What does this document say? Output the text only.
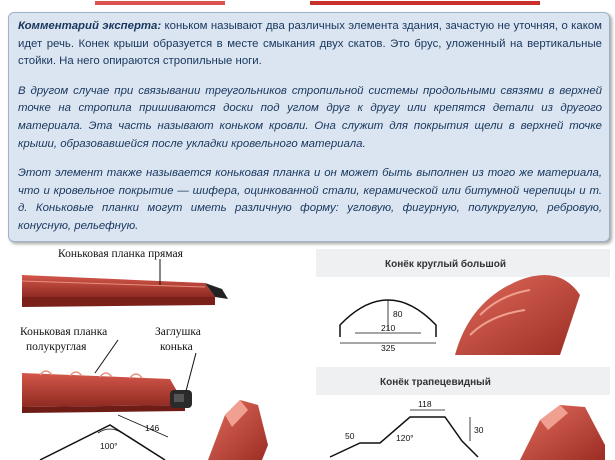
Комментарий эксперта: коньком называют два различных элемента здания, зачастую не уточняя, о каком идет речь. Конек крыши образуется в месте смыкания двух скатов. Это брус, уложенный на вертикальные стойки. На него опираются стропильные ноги.

В другом случае при связывании треугольников стропильной системы продольными связями в верхней точке на стропила пришиваются доски под углом друг к другу или крепятся детали из другого материала. Эта часть называют коньком кровли. Она служит для покрытия щели в верхней точке крыши, образовавшейся после укладки кровельного материала.

Этот элемент также называется коньковая планка и он может быть выполнен из того же материала, что и кровельное покрытие — шифера, оцинкованной стали, керамической или битумной черепицы и т. д. Коньковые планки могут иметь различную форму: угловую, фигурную, полукруглую, ребровую, конусную, рельефную.

Коньковая планка прямая
Коньковая планка
полукруглая
Заглушка
конька
100°
146
Конёк круглый большой
80
210
325
Конёк трапецевидный
50
118
120°
30
